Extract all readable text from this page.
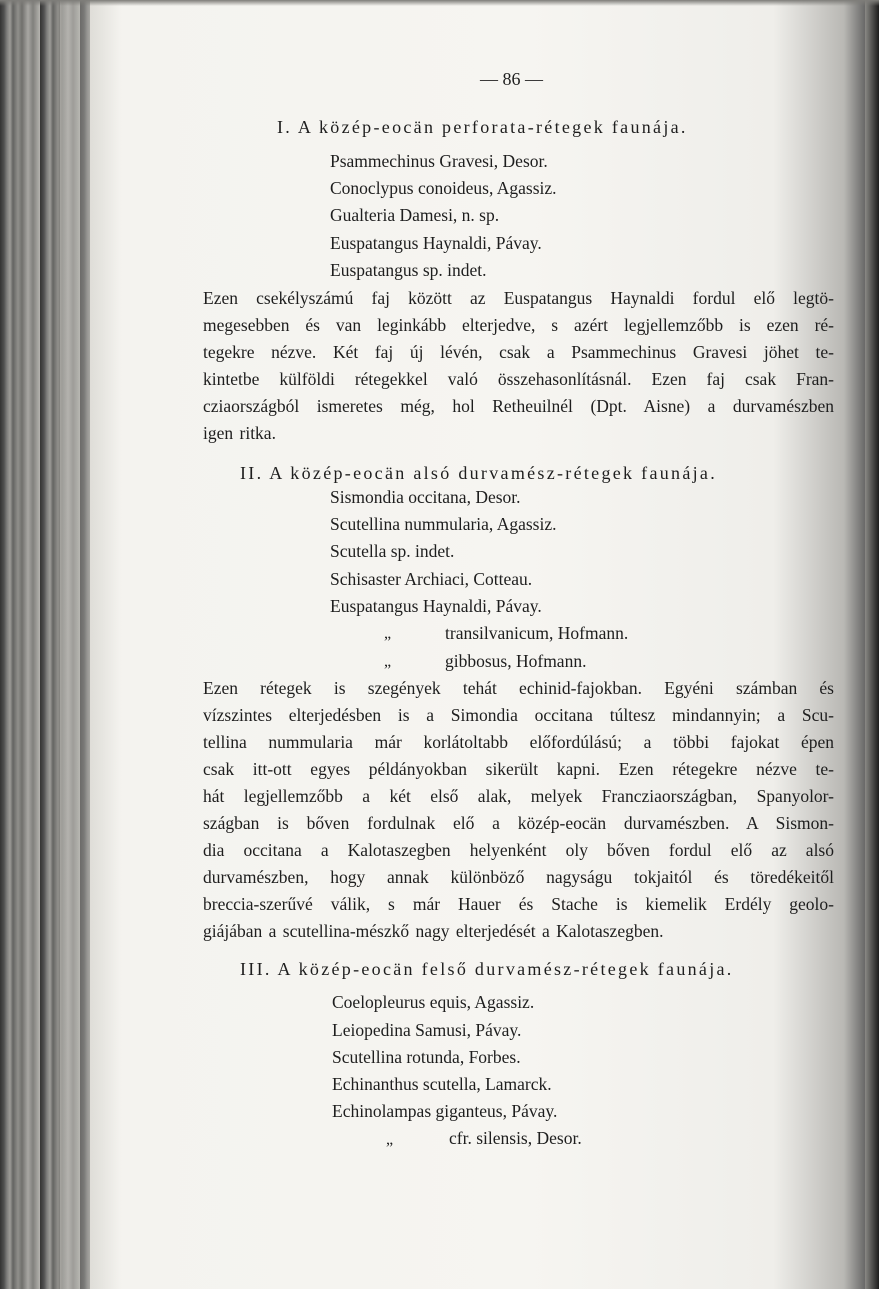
— 86 —
I. A közép-eocän perforata-rétegek faunája.
Psammechinus Gravesi, Desor.
Conoclypus conoideus, Agassiz.
Gualteria Damesi, n. sp.
Euspatangus Haynaldi, Pávay.
Euspatangus sp. indet.
Ezen csekélyszámú faj között az Euspatangus Haynaldi fordul elő legtö-
megesebben és van leginkább elterjedve, s azért legjellemzőbb is ezen ré-
tegekre nézve. Két faj új lévén, csak a Psammechinus Gravesi jöhet te-
kintetbe külföldi rétegekkel való összehasonlításnál. Ezen faj csak Fran-
cziaországból ismeretes még, hol Retheuilnél (Dpt. Aisne) a durvamészben
igen ritka.
II. A közép-eocän alsó durvamész-rétegek faunája.
Sismondia occitana, Desor.
Scutellina nummularia, Agassiz.
Scutella sp. indet.
Schisaster Archiaci, Cotteau.
Euspatangus Haynaldi, Pávay.
„	transilvanicum, Hofmann.
„	gibbosus, Hofmann.
Ezen rétegek is szegények tehát echinid-fajokban. Egyéni számban és
vízszintes elterjedésben is a Simondia occitana túltesz mindannyin; a Scu-
tellina nummularia már korlátoltabb előfordúlású; a többi fajokat épen
csak itt-ott egyes példányokban sikerült kapni. Ezen rétegekre nézve te-
hát legjellemzőbb a két első alak, melyek Francziaországban, Spanyolor-
szágban is bőven fordulnak elő a közép-eocän durvamészben. A Sismon-
dia occitana a Kalotaszegben helyenként oly bőven fordul elő az alsó
durvamészben, hogy annak különböző nagyságu tokjaitól és töredékeitől
breccia-szerűvé válik, s már Hauer és Stache is kiemelik Erdély geolo-
giájában a scutellina-mészkő nagy elterjedését a Kalotaszegben.
III. A közép-eocän felső durvamész-rétegek faunája.
Coelopleurus equis, Agassiz.
Leiopedina Samusi, Pávay.
Scutellina rotunda, Forbes.
Echinanthus scutella, Lamarck.
Echinolampas giganteus, Pávay.
„	cfr. silensis, Desor.
